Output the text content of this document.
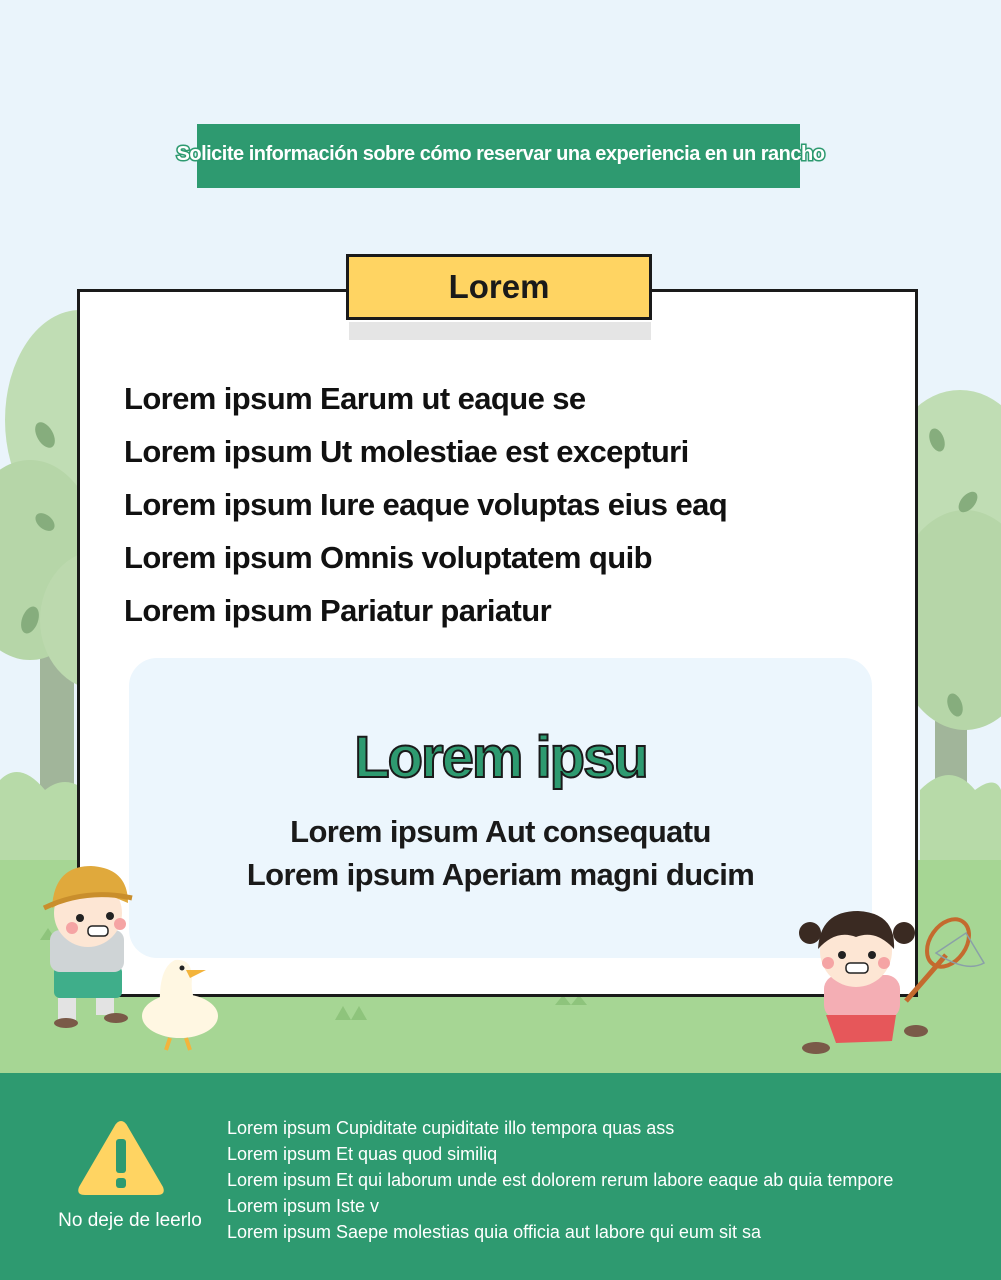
Solicite información sobre cómo reservar una experiencia en un rancho
Lorem
Lorem ipsum Earum ut eaque se
Lorem ipsum Ut molestiae est excepturi
Lorem ipsum Iure eaque voluptas eius eaq
Lorem ipsum Omnis voluptatem quib
Lorem ipsum Pariatur pariatur
Lorem ipsu
Lorem ipsum Aut consequatu
Lorem ipsum Aperiam magni ducim
No deje de leerlo
Lorem ipsum Cupiditate cupiditate illo tempora quas ass
Lorem ipsum Et quas quod similiq
Lorem ipsum Et qui laborum unde est dolorem rerum labore eaque ab quia tempore
Lorem ipsum Iste v
Lorem ipsum Saepe molestias quia officia aut labore qui eum sit sa
